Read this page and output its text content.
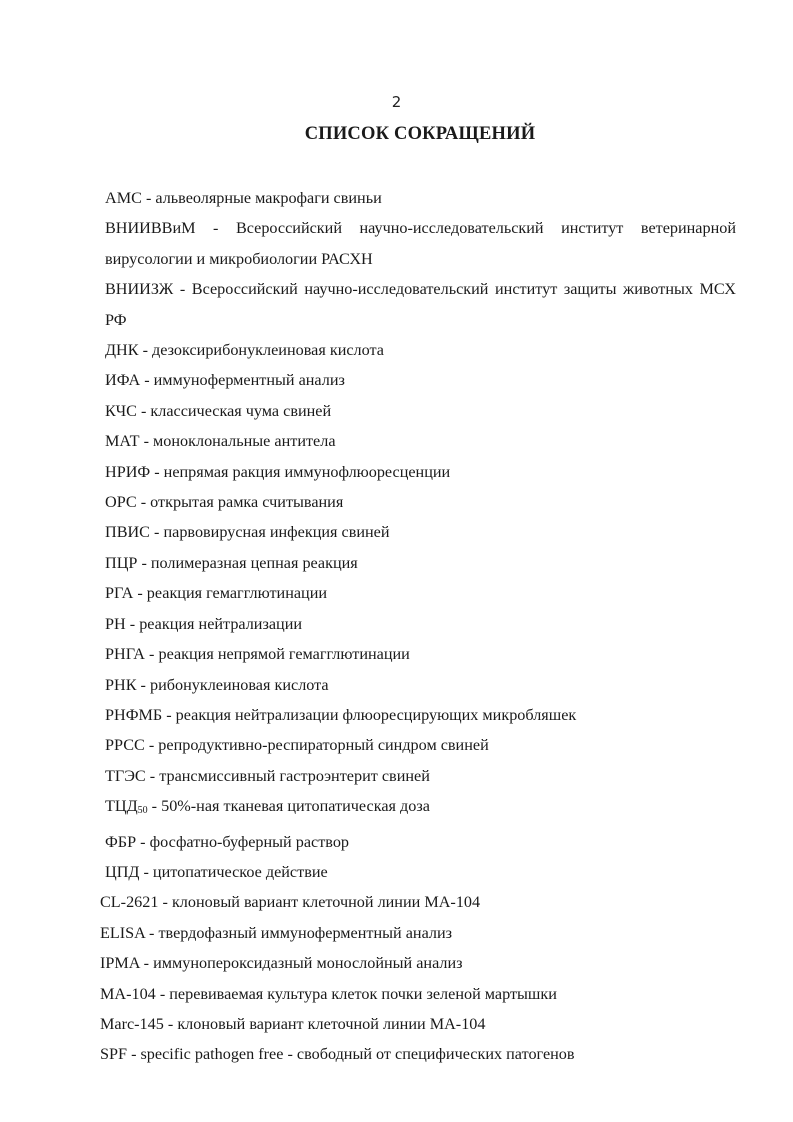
2
СПИСОК СОКРАЩЕНИЙ
АМС - альвеолярные макрофаги свиньи
ВНИИВВиМ - Всероссийский научно-исследовательский институт ветеринарной вирусологии и микробиологии РАСХН
ВНИИЗЖ - Всероссийский научно-исследовательский институт защиты животных МСХ РФ
ДНК - дезоксирибонуклеиновая кислота
ИФА - иммуноферментный анализ
КЧС - классическая чума свиней
МАТ - моноклональные антитела
НРИФ - непрямая ракция иммунофлюоресценции
ОРС - открытая рамка считывания
ПВИС - парвовирусная инфекция свиней
ПЦР - полимеразная цепная реакция
РГА - реакция гемагглютинации
РН - реакция нейтрализации
РНГА - реакция непрямой гемагглютинации
РНК - рибонуклеиновая кислота
РНФМБ - реакция нейтрализации флюоресцирующих микробляшек
РРСС - репродуктивно-респираторный синдром свиней
ТГЭС - трансмиссивный гастроэнтерит свиней
$ТЦД_{50} - 50\%-ная$ тканевая цитопатическая доза
ФБР - фосфатно-буферный раствор
ЦПД - цитопатическое действие
CL-2621 - клоновый вариант клеточной линии МА-104
ELISA - твердофазный иммуноферментный анализ
IPMA - иммунопероксидазный монослойный анализ
МА-104 - перевиваемая культура клеток почки зеленой мартышки
Marc-145 - клоновый вариант клеточной линии МА-104
SPF - specific pathogen free - свободный от специфических патогенов
